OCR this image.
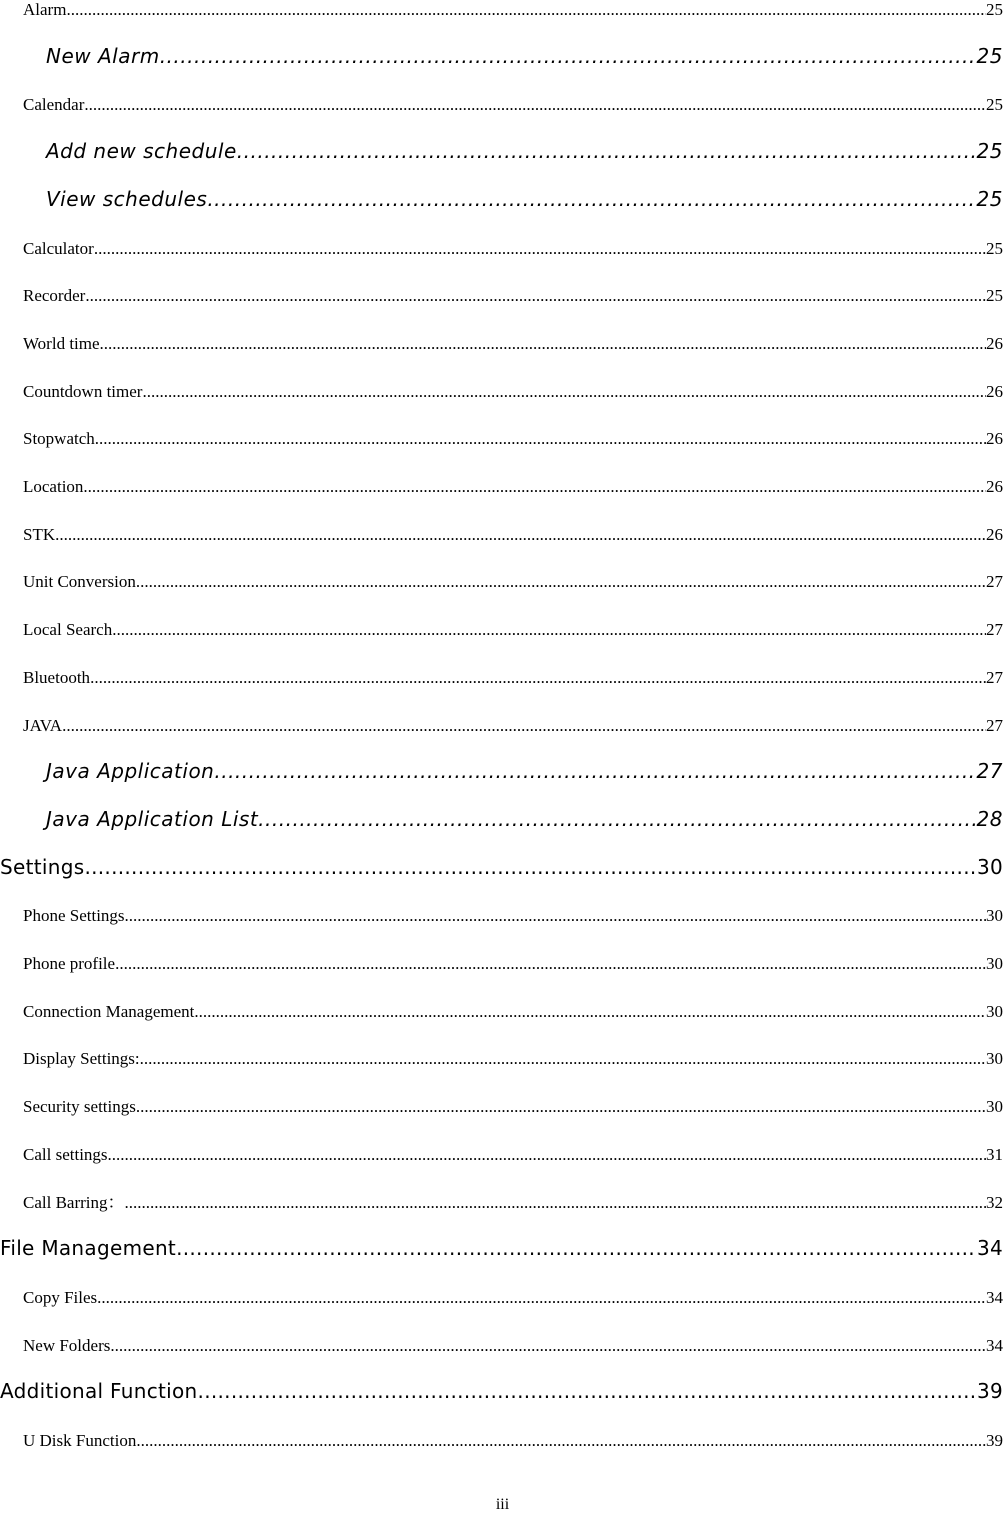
Alarm .....	25
New Alarm .....	25
Calendar .....	25
Add new schedule .....	25
View schedules .....	25
Calculator .....	25
Recorder .....	25
World time .....	26
Countdown timer .....	26
Stopwatch .....	26
Location .....	26
STK .....	26
Unit Conversion .....	27
Local Search .....	27
Bluetooth .....	27
JAVA .....	27
Java Application .....	27
Java Application List .....	28
Settings .....	30
Phone Settings .....	30
Phone profile .....	30
Connection Management .....	30
Display Settings: .....	30
Security settings .....	30
Call settings .....	31
Call Barring： .....	32
File Management .....	34
Copy Files .....	34
New Folders .....	34
Additional Function .....	39
U Disk Function .....	39
iii
